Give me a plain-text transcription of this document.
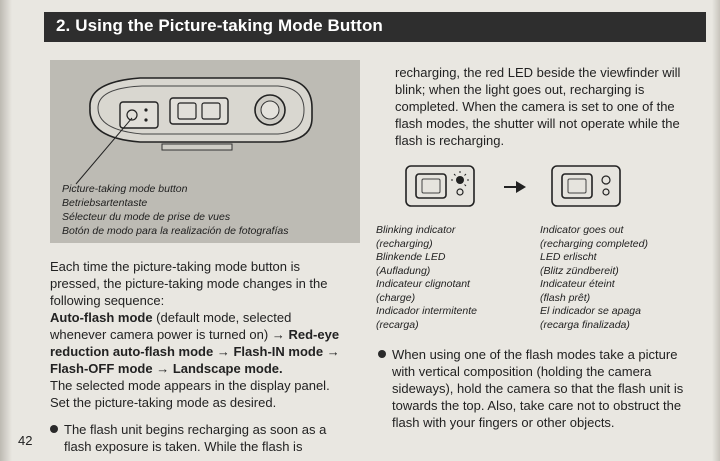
2. Using the Picture-taking Mode Button
Picture-taking mode button
Betriebsartentaste
Sélecteur du mode de prise de vues
Botón de modo para la realización de fotografías

Each time the picture-taking mode button is pressed, the picture-taking mode changes in the following sequence:

Auto-flash mode (default mode, selected whenever camera power is turned on) → Red-eye reduction auto-flash mode → Flash-IN mode → Flash-OFF mode → Landscape mode.

The selected mode appears in the display panel. Set the picture-taking mode as desired.

The flash unit begins recharging as soon as a flash exposure is taken. While the flash is

42
recharging, the red LED beside the viewfinder will blink; when the light goes out, recharging is completed. When the camera is set to one of the flash modes, the shutter will not operate while the flash is recharging.
Blinking indicator
(recharging)
Blinkende LED
(Aufladung)
Indicateur clignotant
(charge)
Indicador intermitente
(recarga)
Indicator goes out
(recharging completed)
LED erlischt
(Blitz zündbereit)
Indicateur éteint
(flash prêt)
El indicador se apaga
(recarga finalizada)
When using one of the flash modes take a picture with vertical composition (holding the camera sideways), hold the camera so that the flash unit is towards the top. Also, take care not to obstruct the flash with your fingers or other objects.
